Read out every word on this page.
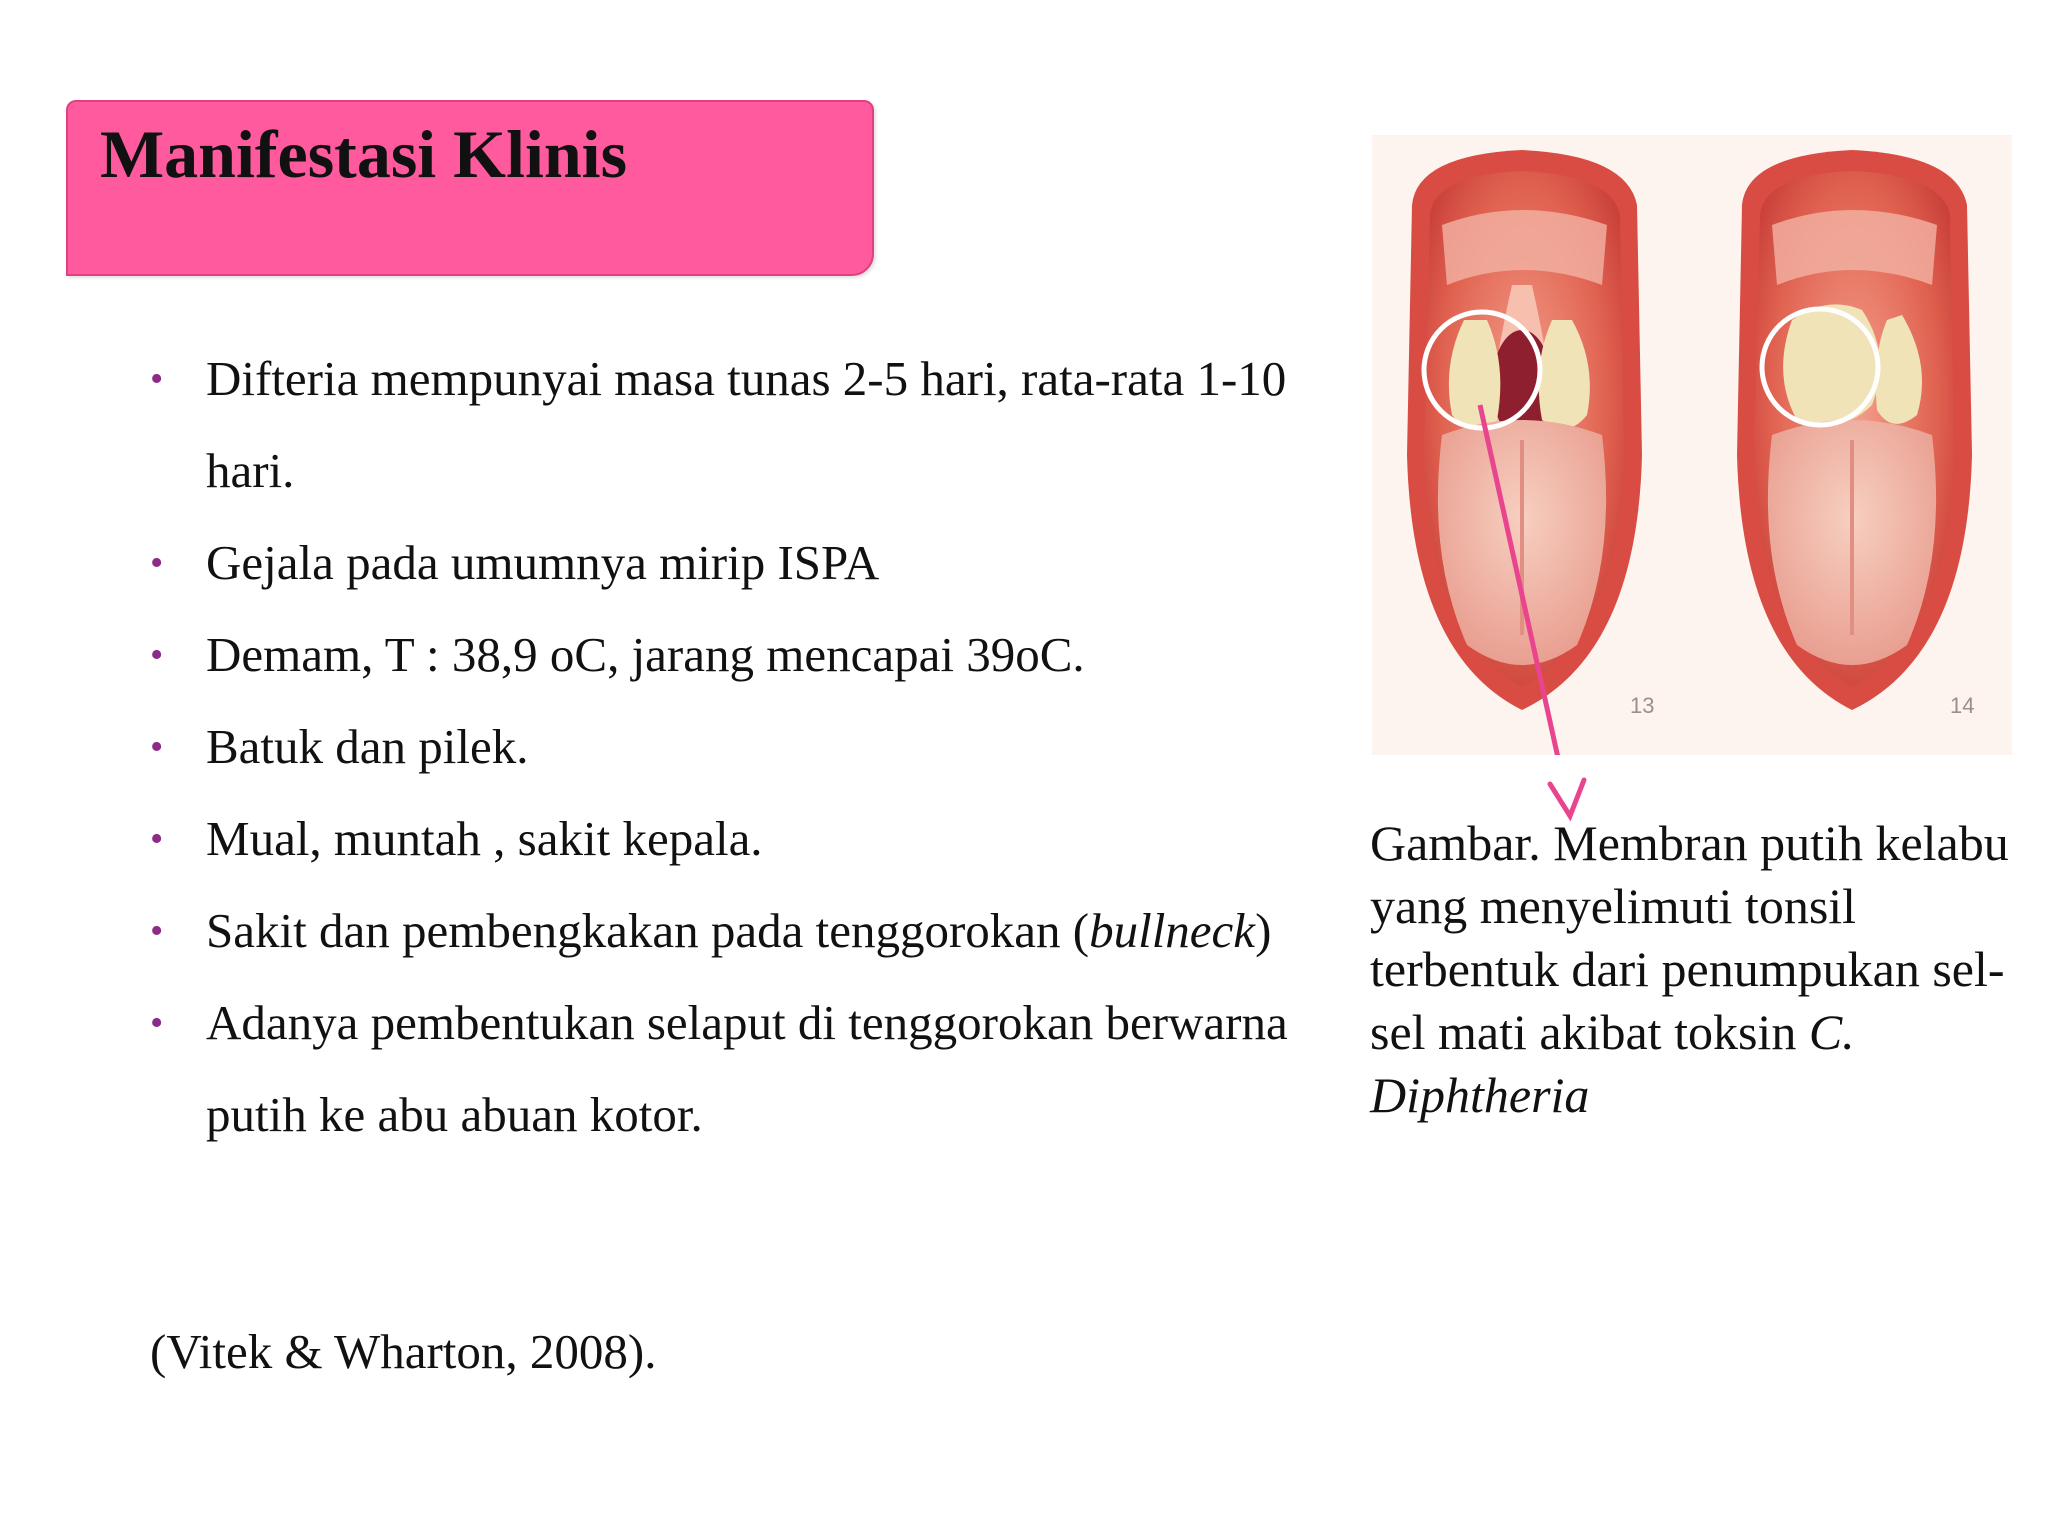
Manifestasi Klinis
• Difteria mempunyai masa tunas 2-5 hari, rata-rata 1-10 hari.
• Gejala pada umumnya mirip ISPA
• Demam, T : 38,9 oC, jarang mencapai 39oC.
• Batuk dan pilek.
• Mual, muntah , sakit kepala.
• Sakit dan pembengkakan pada tenggorokan (bullneck)
• Adanya pembentukan selaput di tenggorokan berwarna putih ke abu abuan kotor.

(Vitek & Wharton, 2008).

13	14

Gambar. Membran putih kelabu yang menyelimuti tonsil terbentuk dari penumpukan sel-sel mati akibat toksin C. Diphtheria
